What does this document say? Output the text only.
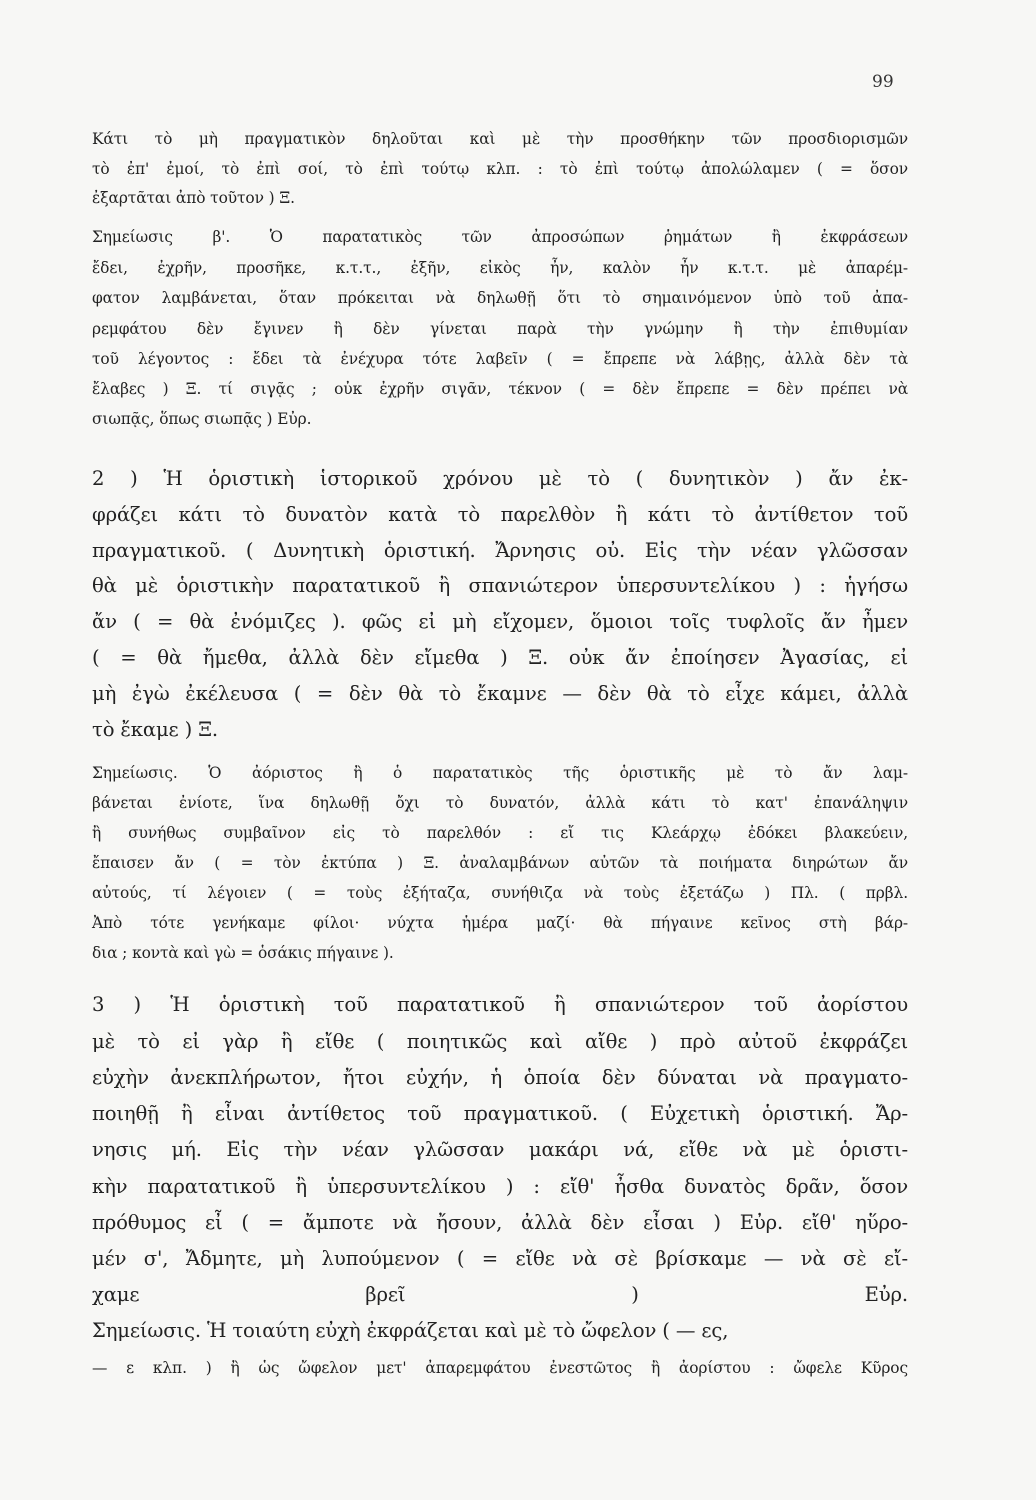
99
Κάτι τὸ μὴ πραγματικὸν δηλοῦται καὶ μὲ τὴν προσθήκην τῶν προσδιορισμῶν
τὸ ἐπ' ἐμοί, τὸ ἐπὶ σοί, τὸ ἐπὶ τούτῳ κλπ. : τὸ ἐπὶ τούτῳ ἀπολώλαμεν ( = ὅσον
ἐξαρτᾶται ἀπὸ τοῦτον ) Ξ.
Σημείωσις β'. Ὁ παρατατικὸς τῶν ἀπροσώπων ῥημάτων ἢ ἐκφράσεων
ἔδει, ἐχρῆν, προσῆκε, κ.τ.τ., ἐξῆν, εἰκὸς ἦν, καλὸν ἦν κ.τ.τ. μὲ ἀπαρέμ-
φατον λαμβάνεται, ὅταν πρόκειται νὰ δηλωθῇ ὅτι τὸ σημαινόμενον ὑπὸ τοῦ ἀπα-
ρεμφάτου δὲν ἔγινεν ἢ δὲν γίνεται παρὰ τὴν γνώμην ἢ τὴν ἐπιθυμίαν
τοῦ λέγοντος : ἔδει τὰ ἐνέχυρα τότε λαβεῖν ( = ἔπρεπε νὰ λάβῃς, ἀλλὰ δὲν τὰ
ἔλαβες ) Ξ. τί σιγᾷς ; οὐκ ἐχρῆν σιγᾶν, τέκνον ( = δὲν ἔπρεπε = δὲν πρέπει νὰ
σιωπᾷς, ὅπως σιωπᾷς ) Εὐρ.
2 ) Ἡ ὁριστικὴ ἱστορικοῦ χρόνου μὲ τὸ ( δυνητικὸν ) ἄν ἐκ-
φράζει κάτι τὸ δυνατὸν κατὰ τὸ παρελθὸν ἢ κάτι τὸ ἀντίθετον τοῦ
πραγματικοῦ. ( Δυνητικὴ ὁριστική. Ἄρνησις οὐ. Εἰς τὴν νέαν γλῶσσαν
θὰ μὲ ὁριστικὴν παρατατικοῦ ἢ σπανιώτερον ὑπερσυντελίκου ) : ἡγήσω
ἄν ( = θὰ ἐνόμιζες ). φῶς εἰ μὴ εἴχομεν, ὅμοιοι τοῖς τυφλοῖς ἄν ἦμεν
( = θὰ ἤμεθα, ἀλλὰ δὲν εἴμεθα ) Ξ. οὐκ ἄν ἐποίησεν Ἀγασίας, εἰ
μὴ ἐγὼ ἐκέλευσα ( = δὲν θὰ τὸ ἔκαμνε — δὲν θὰ τὸ εἶχε κάμει, ἀλλὰ
τὸ ἔκαμε ) Ξ.
Σημείωσις. Ὁ ἀόριστος ἢ ὁ παρατατικὸς τῆς ὁριστικῆς μὲ τὸ ἄν λαμ-
βάνεται ἐνίοτε, ἵνα δηλωθῇ ὄχι τὸ δυνατόν, ἀλλὰ κάτι τὸ κατ' ἐπανάληψιν
ἢ συνήθως συμβαῖνον εἰς τὸ παρελθόν : εἴ τις Κλεάρχῳ ἐδόκει βλακεύειν,
ἔπαισεν ἄν ( = τὸν ἐκτύπα ) Ξ. ἀναλαμβάνων αὐτῶν τὰ ποιήματα διηρώτων ἄν
αὐτούς, τί λέγοιεν ( = τοὺς ἐξήταζα, συνήθιζα νὰ τοὺς ἐξετάζω ) Πλ. ( πρβλ.
Ἀπὸ τότε γενήκαμε φίλοι· νύχτα ἡμέρα μαζί· θὰ πήγαινε κεῖνος στὴ βάρ-
δια ; κοντὰ καὶ γὼ = ὁσάκις πήγαινε ).
3 ) Ἡ ὁριστικὴ τοῦ παρατατικοῦ ἢ σπανιώτερον τοῦ ἀορίστου
μὲ τὸ εἰ γὰρ ἢ εἴθε ( ποιητικῶς καὶ αἴθε ) πρὸ αὐτοῦ ἐκφράζει
εὐχὴν ἀνεκπλήρωτον, ἤτοι εὐχήν, ἡ ὁποία δὲν δύναται νὰ πραγματο-
ποιηθῇ ἢ εἶναι ἀντίθετος τοῦ πραγματικοῦ. ( Εὐχετικὴ ὁριστική. Ἄρ-
νησις μή. Εἰς τὴν νέαν γλῶσσαν μακάρι νά, εἴθε νὰ μὲ ὁριστι-
κὴν παρατατικοῦ ἢ ὑπερσυντελίκου ) : εἴθ' ἦσθα δυνατὸς δρᾶν, ὅσον
πρόθυμος εἶ ( = ἄμποτε νὰ ἤσουν, ἀλλὰ δὲν εἶσαι ) Εὐρ. εἴθ' ηὕρο-
μέν σ', Ἄδμητε, μὴ λυπούμενον ( = εἴθε νὰ σὲ βρίσκαμε — νὰ σὲ εἴ-
χαμε βρεῖ ) Εὐρ.
Σημείωσις. Ἡ τοιαύτη εὐχὴ ἐκφράζεται καὶ μὲ τὸ ὤφελον ( — ες,
— ε κλπ. ) ἢ ὡς ὤφελον μετ' ἀπαρεμφάτου ἐνεστῶτος ἢ ἀορίστου : ὤφελε Κῦρος
